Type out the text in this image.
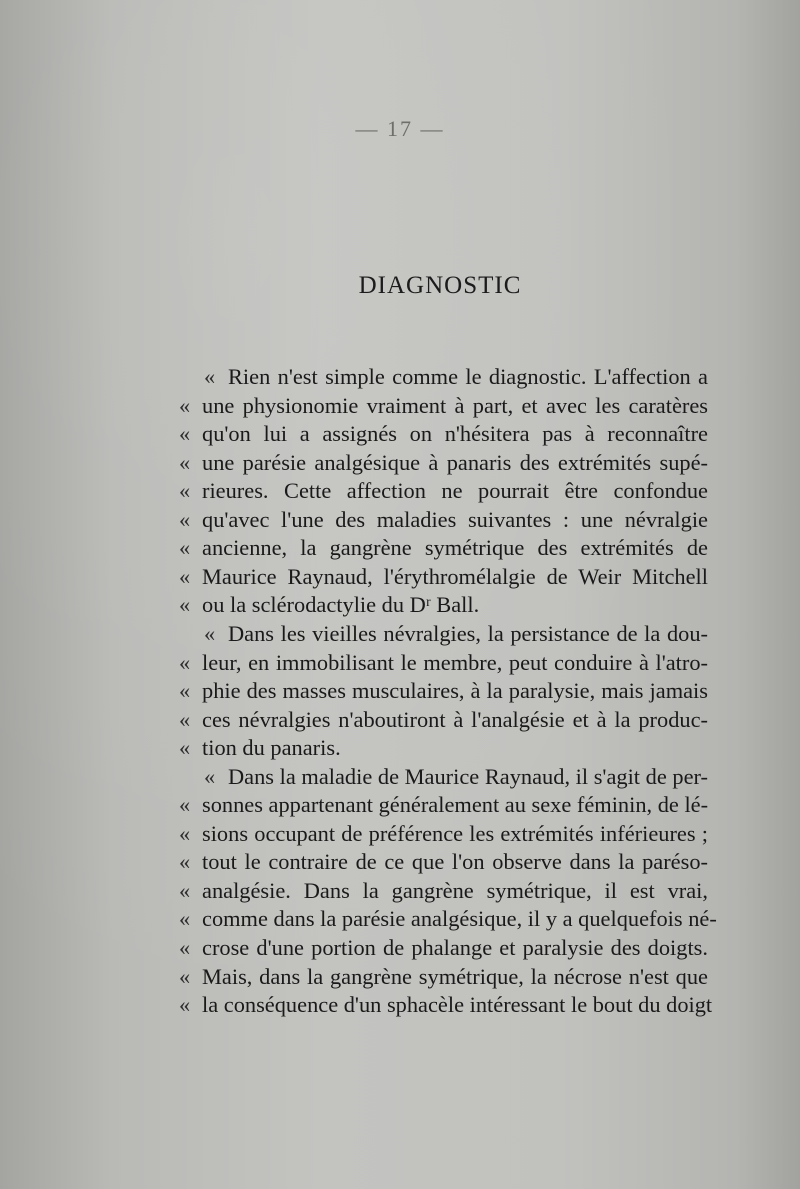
— 17 —
DIAGNOSTIC
« Rien n'est simple comme le diagnostic. L'affection a
« une physionomie vraiment à part, et avec les caratères
« qu'on lui a assignés on n'hésitera pas à reconnaître
« une parésie analgésique à panaris des extrémités supé-
« rieures. Cette affection ne pourrait être confondue
« qu'avec l'une des maladies suivantes : une névralgie
« ancienne, la gangrène symétrique des extrémités de
« Maurice Raynaud, l'érythromélalgie de Weir Mitchell
« ou la sclérodactylie du Dʳ Ball.
« Dans les vieilles névralgies, la persistance de la dou-
« leur, en immobilisant le membre, peut conduire à l'atro-
« phie des masses musculaires, à la paralysie, mais jamais
« ces névralgies n'aboutiront à l'analgésie et à la produc-
« tion du panaris.
« Dans la maladie de Maurice Raynaud, il s'agit de per-
« sonnes appartenant généralement au sexe féminin, de lé-
« sions occupant de préférence les extrémités inférieures ;
« tout le contraire de ce que l'on observe dans la paréso-
« analgésie. Dans la gangrène symétrique, il est vrai,
« comme dans la parésie analgésique, il y a quelquefois né-
« crose d'une portion de phalange et paralysie des doigts.
« Mais, dans la gangrène symétrique, la nécrose n'est que
« la conséquence d'un sphacèle intéressant le bout du doigt
